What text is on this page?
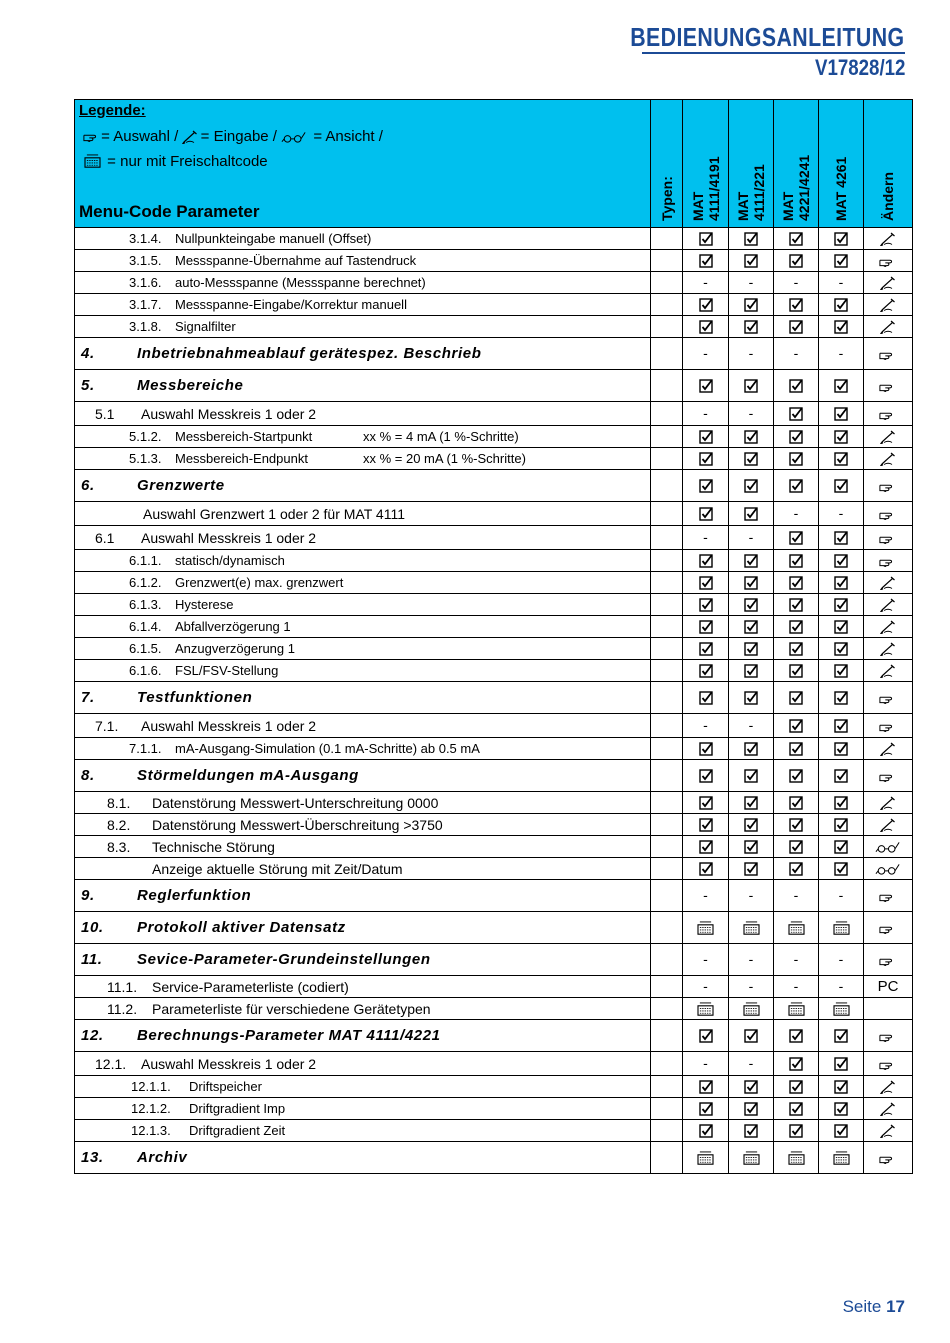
BEDIENUNGSANLEITUNG
V17828/12
Legende:
= Auswahl / = Eingabe / = Ansicht /
= nur mit Freischaltcode
Menu-Code Parameter	Typen:	MAT 4111/4191	MAT 4111/221	MAT 4221/4241	MAT 4261	Ändern

3.1.4. Nullpunkteingabe manuell (Offset)

3.1.5. Messspanne-Übernahme auf Tastendruck

3.1.6. auto-Messspanne (Messspanne berechnet)		-	-	-	-	

3.1.7. Messspanne-Eingabe/Korrektur manuell

3.1.8. Signalfilter

4. Inbetriebnahmeablauf gerätespez. Beschrieb		-	-	-	-	

5. Messbereiche

5.1 Auswahl Messkreis 1 oder 2		-	-			

5.1.2. Messbereich-Startpunkt xx % = 4 mA (1 %-Schritte)

5.1.3. Messbereich-Endpunkt xx % = 20 mA (1 %-Schritte)

6. Grenzwerte

Auswahl Grenzwert 1 oder 2 für MAT 4111				-	-	

6.1 Auswahl Messkreis 1 oder 2		-	-			

6.1.1. statisch/dynamisch

6.1.2. Grenzwert(e) max. grenzwert

6.1.3. Hysterese

6.1.4. Abfallverzögerung 1

6.1.5. Anzugverzögerung 1

6.1.6. FSL/FSV-Stellung

7. Testfunktionen

7.1. Auswahl Messkreis 1 oder 2		-	-			

7.1.1. mA-Ausgang-Simulation (0.1 mA-Schritte) ab 0.5 mA

8. Störmeldungen mA-Ausgang

8.1. Datenstörung Messwert-Unterschreitung 0000

8.2. Datenstörung Messwert-Überschreitung >3750

8.3. Technische Störung

Anzeige aktuelle Störung mit Zeit/Datum

9. Reglerfunktion		-	-	-	-	

10. Protokoll aktiver Datensatz

11. Sevice-Parameter-Grundeinstellungen		-	-	-	-	

11.1. Service-Parameterliste (codiert)		-	-	-	-	PC

11.2. Parameterliste für verschiedene Gerätetypen

12. Berechnungs-Parameter MAT 4111/4221

12.1. Auswahl Messkreis 1 oder 2		-	-			

12.1.1. Driftspeicher

12.1.2. Driftgradient Imp

12.1.3. Driftgradient Zeit

13. Archiv

Seite 17
